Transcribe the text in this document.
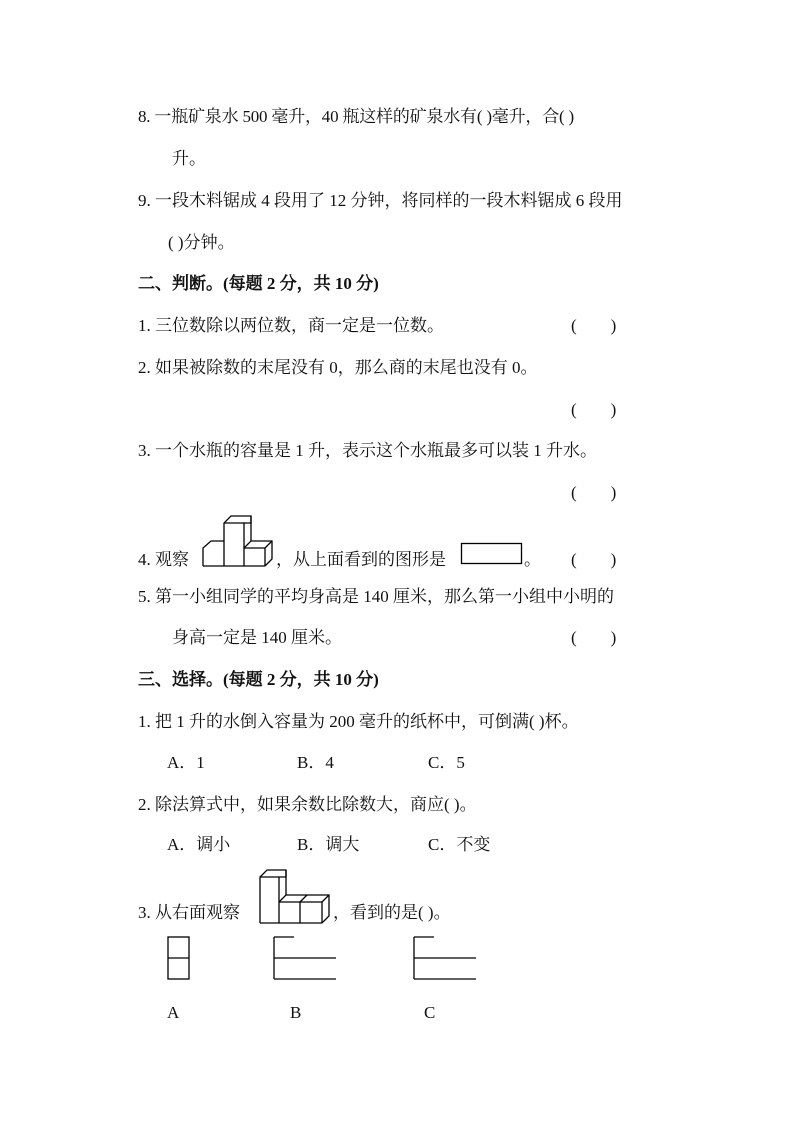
8. 一瓶矿泉水 500 毫升，40 瓶这样的矿泉水有( )毫升，合( )
升。
9. 一段木料锯成 4 段用了 12 分钟，将同样的一段木料锯成 6 段用
( )分钟。
二、判断。(每题 2 分，共 10 分)
1. 三位数除以两位数，商一定是一位数。	(        )
2. 如果被除数的末尾没有 0，那么商的末尾也没有 0。
(        )
3. 一个水瓶的容量是 1 升，表示这个水瓶最多可以装 1 升水。
(        )
4. 观察	，从上面看到的图形是	。 (        )
5. 第一小组同学的平均身高是 140 厘米，那么第一小组中小明的
身高一定是 140 厘米。	(        )
三、选择。(每题 2 分，共 10 分)
1. 把 1 升的水倒入容量为 200 毫升的纸杯中，可倒满( )杯。
A．1	B．4	C．5
2. 除法算式中，如果余数比除数大，商应( )。
A．调小	B．调大	C．不变
3. 从右面观察	，看到的是( )。
A	B	C
